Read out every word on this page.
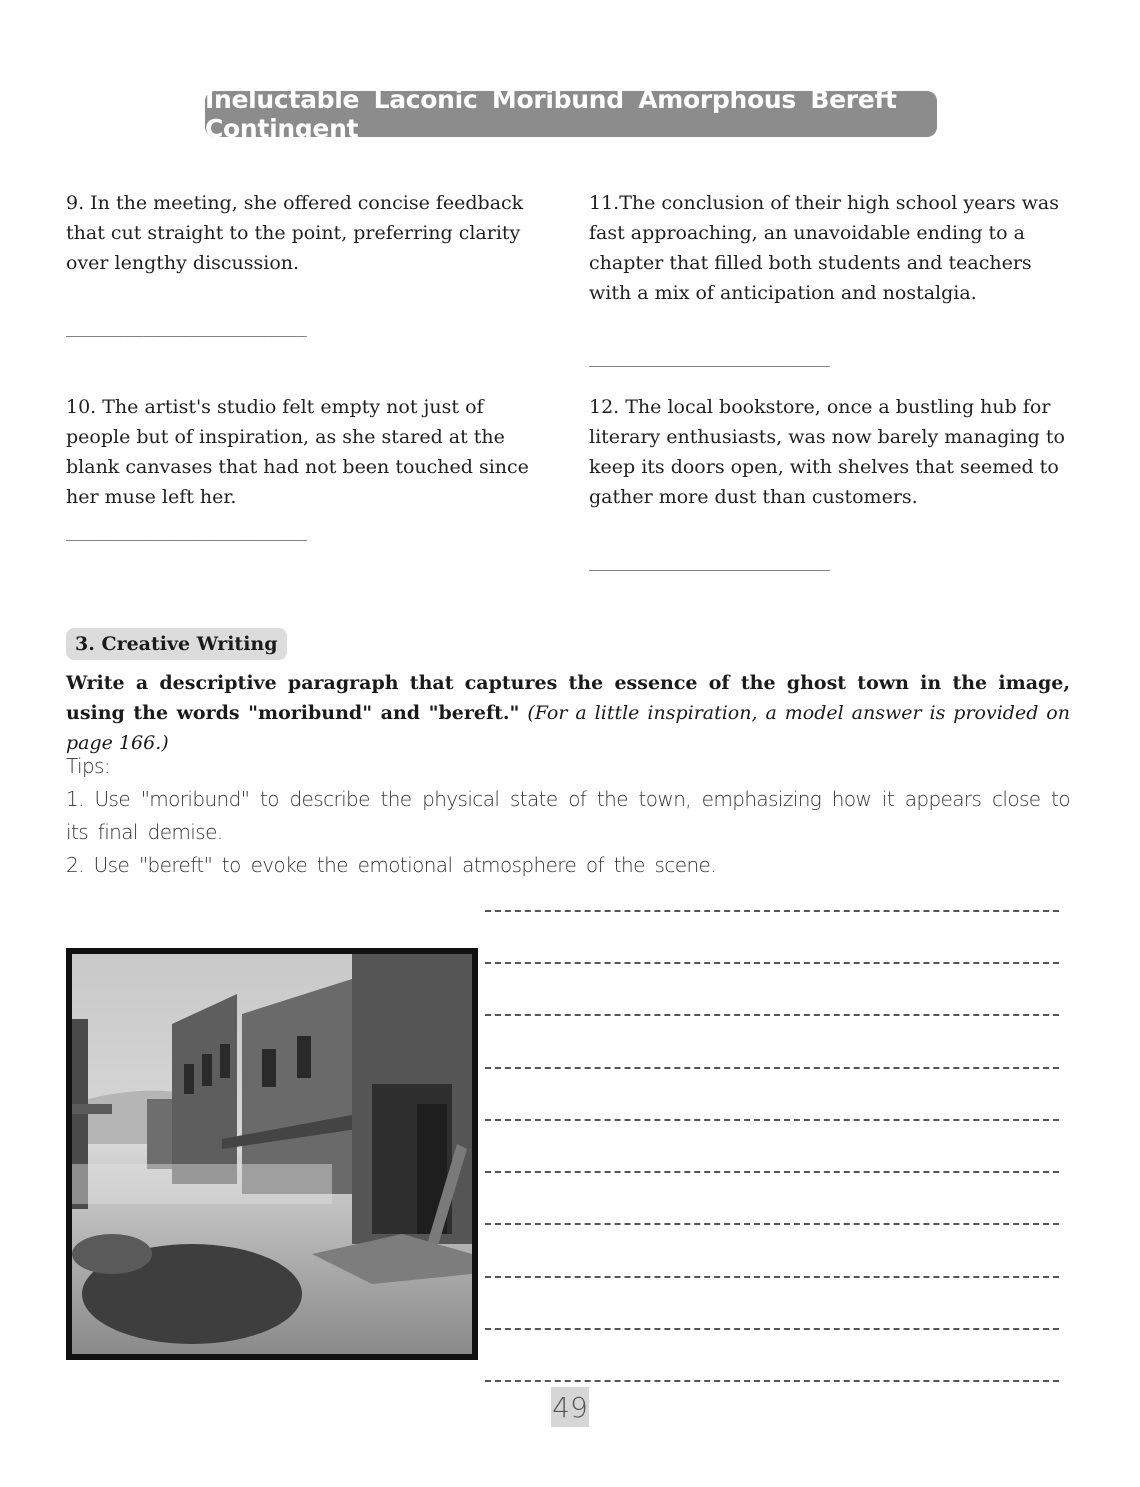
Ineluctable Laconic Moribund Amorphous Bereft Contingent

9. In the meeting, she offered concise feedback that cut straight to the point, preferring clarity over lengthy discussion.

_________________________

10. The artist's studio felt empty not just of people but of inspiration, as she stared at the blank canvases that had not been touched since her muse left her.

_________________________

11.The conclusion of their high school years was fast approaching, an unavoidable ending to a chapter that filled both students and teachers with a mix of anticipation and nostalgia.

_________________________

12. The local bookstore, once a bustling hub for literary enthusiasts, was now barely managing to keep its doors open, with shelves that seemed to gather more dust than customers.

_________________________
3. Creative Writing

Write a descriptive paragraph that captures the essence of the ghost town in the image, using the words "moribund" and "bereft." (For a little inspiration, a model answer is provided on page 166.)

Tips:
1. Use "moribund" to describe the physical state of the town, emphasizing how it appears close to its final demise.
2. Use "bereft" to evoke the emotional atmosphere of the scene.
49
